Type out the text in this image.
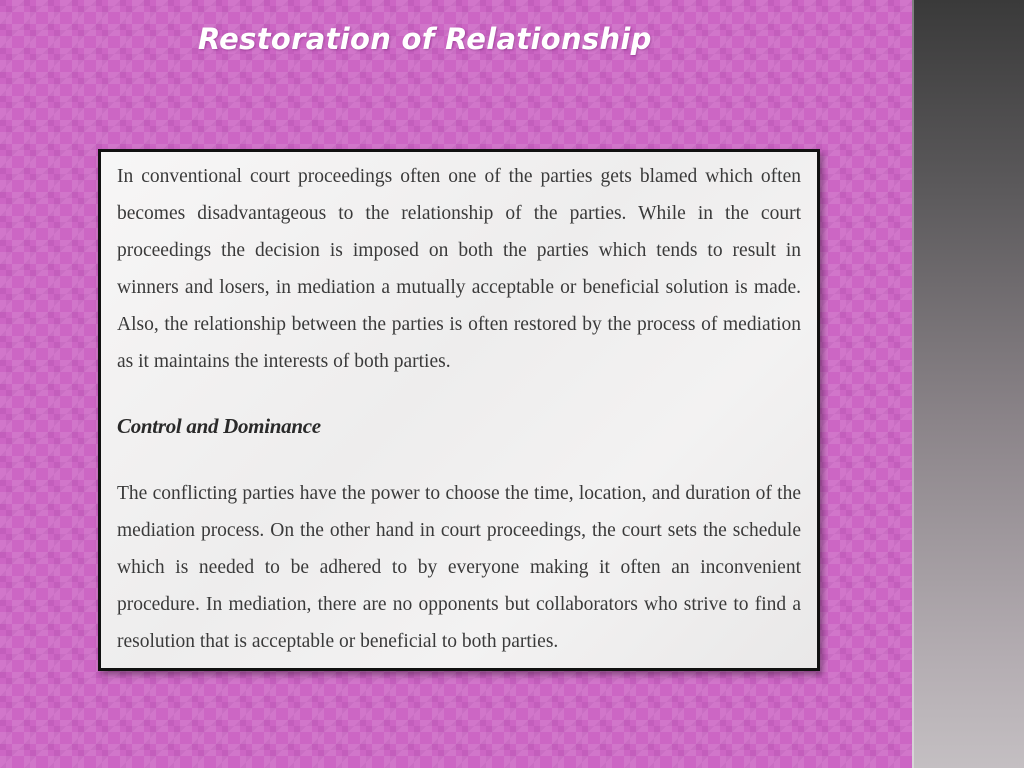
Restoration of Relationship

In conventional court proceedings often one of the parties gets blamed which often becomes disadvantageous to the relationship of the parties. While in the court proceedings the decision is imposed on both the parties which tends to result in winners and losers, in mediation a mutually acceptable or beneficial solution is made. Also, the relationship between the parties is often restored by the process of mediation as it maintains the interests of both parties.

Control and Dominance

The conflicting parties have the power to choose the time, location, and duration of the mediation process. On the other hand in court proceedings, the court sets the schedule which is needed to be adhered to by everyone making it often an inconvenient procedure. In mediation, there are no opponents but collaborators who strive to find a resolution that is acceptable or beneficial to both parties.
